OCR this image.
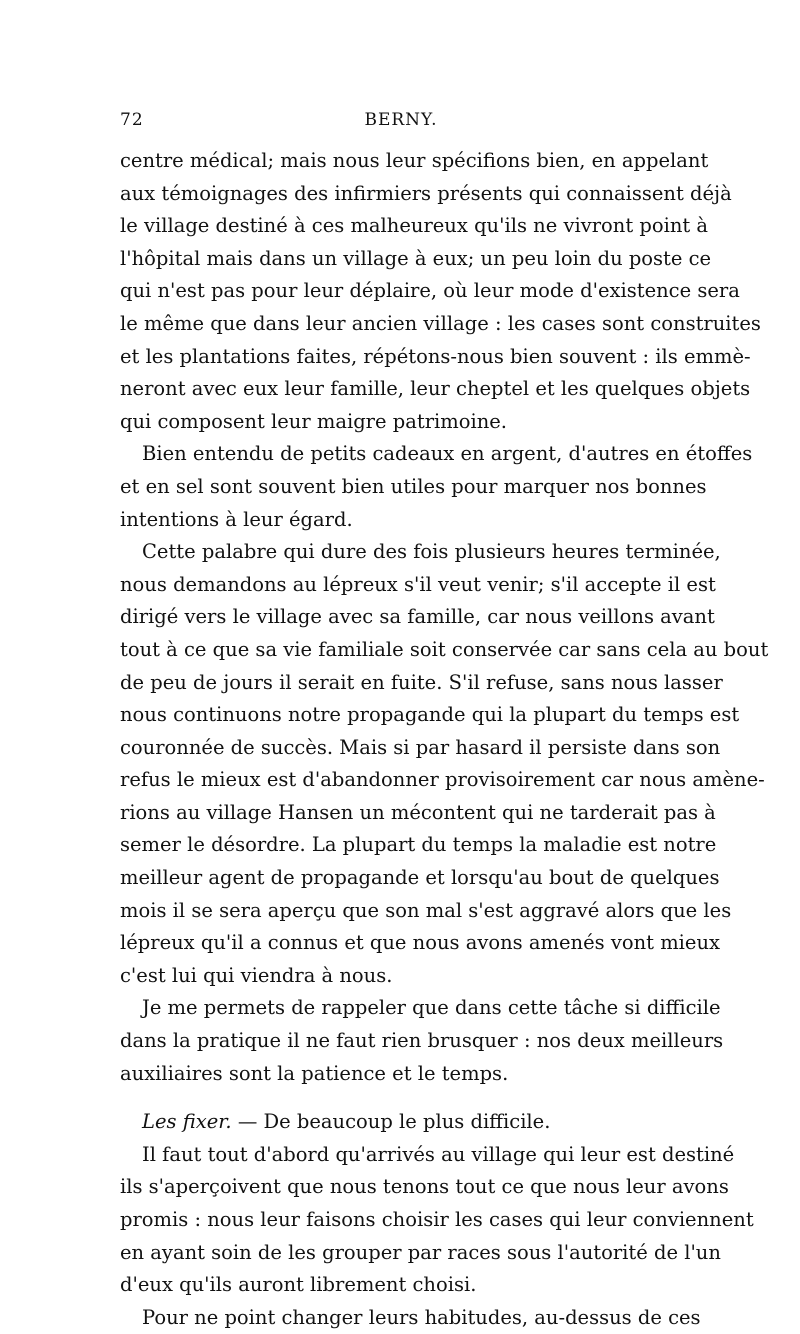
72	BERNY.
centre médical; mais nous leur spécifions bien, en appelant
aux témoignages des infirmiers présents qui connaissent déjà
le village destiné à ces malheureux qu'ils ne vivront point à
l'hôpital mais dans un village à eux; un peu loin du poste ce
qui n'est pas pour leur déplaire, où leur mode d'existence sera
le même que dans leur ancien village : les cases sont construites
et les plantations faites, répétons-nous bien souvent : ils emmè-
neront avec eux leur famille, leur cheptel et les quelques objets
qui composent leur maigre patrimoine.
Bien entendu de petits cadeaux en argent, d'autres en étoffes
et en sel sont souvent bien utiles pour marquer nos bonnes
intentions à leur égard.
Cette palabre qui dure des fois plusieurs heures terminée,
nous demandons au lépreux s'il veut venir; s'il accepte il est
dirigé vers le village avec sa famille, car nous veillons avant
tout à ce que sa vie familiale soit conservée car sans cela au bout
de peu de jours il serait en fuite. S'il refuse, sans nous lasser
nous continuons notre propagande qui la plupart du temps est
couronnée de succès. Mais si par hasard il persiste dans son
refus le mieux est d'abandonner provisoirement car nous amène-
rions au village Hansen un mécontent qui ne tarderait pas à
semer le désordre. La plupart du temps la maladie est notre
meilleur agent de propagande et lorsqu'au bout de quelques
mois il se sera aperçu que son mal s'est aggravé alors que les
lépreux qu'il a connus et que nous avons amenés vont mieux
c'est lui qui viendra à nous.
Je me permets de rappeler que dans cette tâche si difficile
dans la pratique il ne faut rien brusquer : nos deux meilleurs
auxiliaires sont la patience et le temps.
Les fixer. — De beaucoup le plus difficile.
Il faut tout d'abord qu'arrivés au village qui leur est destiné
ils s'aperçoivent que nous tenons tout ce que nous leur avons
promis : nous leur faisons choisir les cases qui leur conviennent
en ayant soin de les grouper par races sous l'autorité de l'un
d'eux qu'ils auront librement choisi.
Pour ne point changer leurs habitudes, au-dessus de ces
